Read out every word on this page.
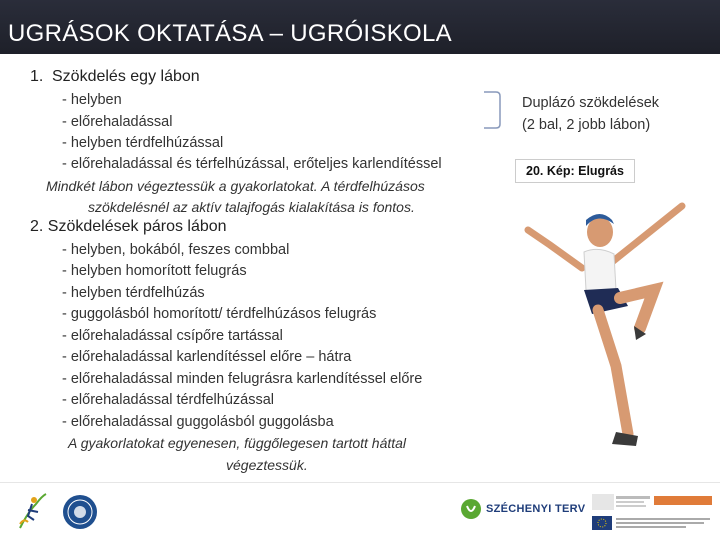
UGRÁSOK OKTATÁSA – UGRÓISKOLA
1. Szökdelés egy lábon
- helyben
- előrehaladással
- helyben térdfelhúzással
- előrehaladással és térfelhúzással, erőteljes karlendítéssel
Mindkét lábon végeztessük a gyakorlatokat. A térdfelhúzásos
szökdelésnél az aktív talajfogás kialakítása is fontos.
2. Szökdelések páros lábon
- helyben, bokából, feszes combbal
- helyben homorított felugrás
- helyben térdfelhúzás
- guggolásból homorított/ térdfelhúzásos felugrás
- előrehaladással csípőre tartással
- előrehaladással karlendítéssel előre – hátra
- előrehaladással minden felugrásra karlendítéssel előre
- előrehaladással térdfelhúzással
- előrehaladással guggolásból guggolásba
A gyakorlatokat egyenesen, függőlegesen tartott háttal
végeztessük.
Duplázó szökdelések
(2 bal, 2 jobb lábon)
20. Kép: Elugrás
SZÉCHENYI TERV
